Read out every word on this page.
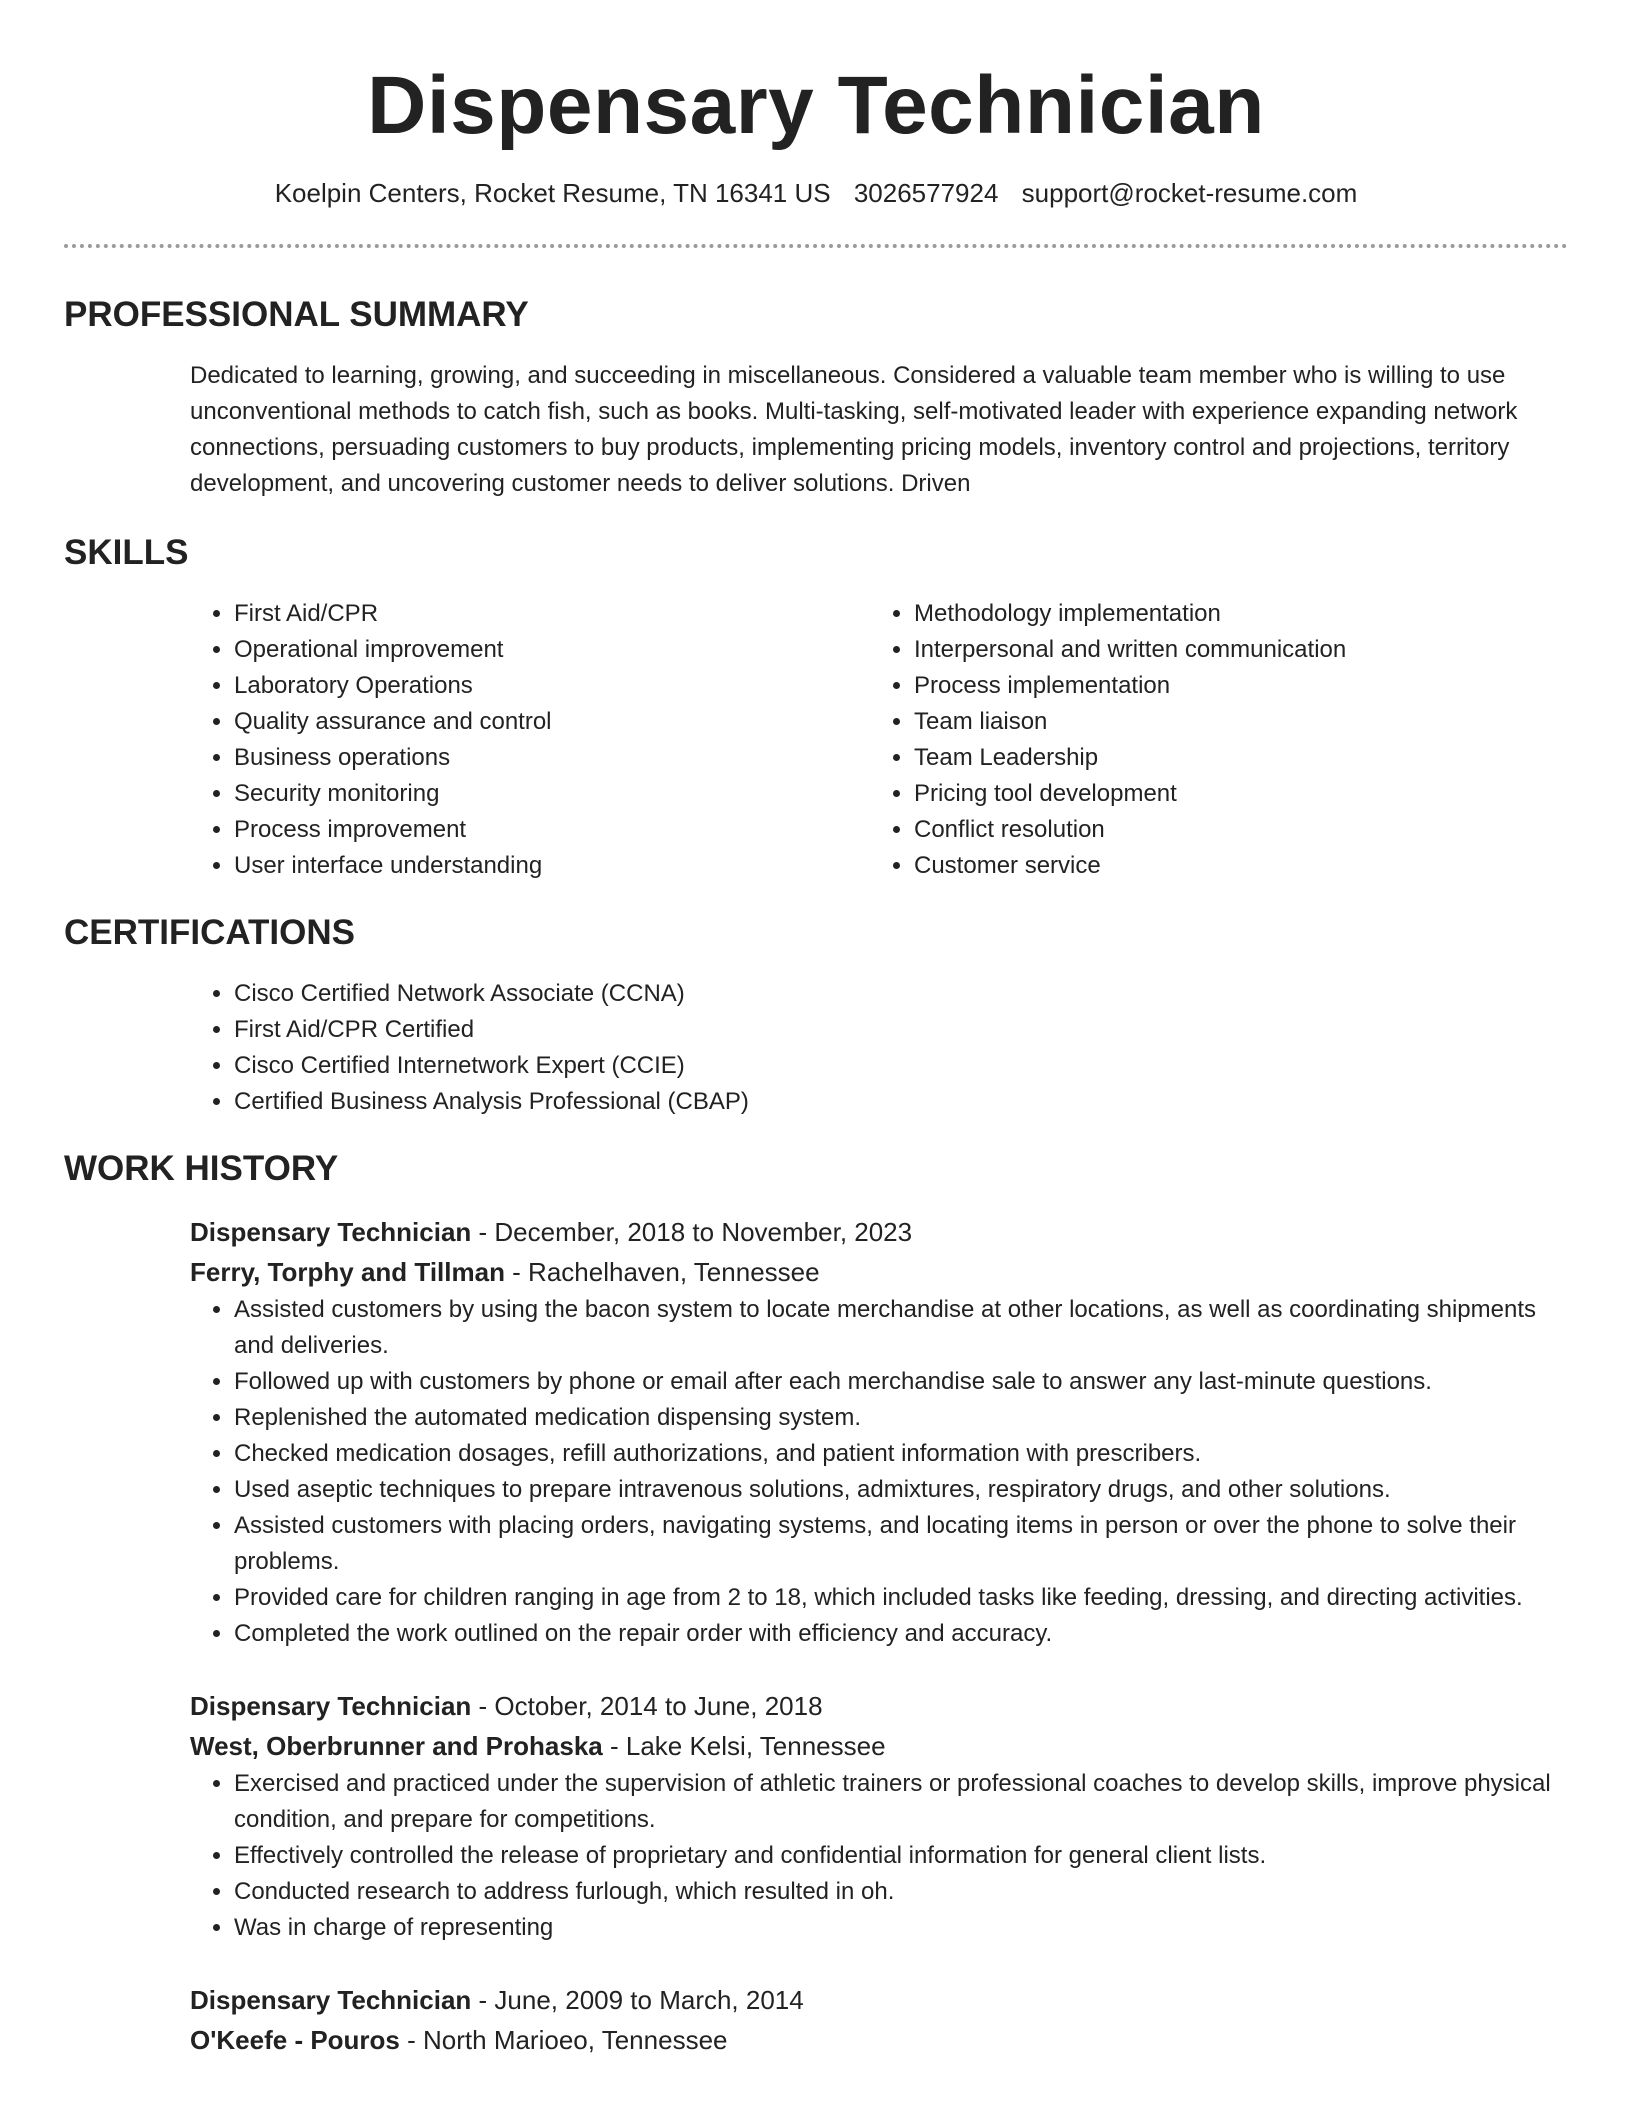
Dispensary Technician
Koelpin Centers, Rocket Resume, TN 16341 US 3026577924 support@rocket-resume.com
PROFESSIONAL SUMMARY
Dedicated to learning, growing, and succeeding in miscellaneous. Considered a valuable team member who is willing to use unconventional methods to catch fish, such as books. Multi-tasking, self-motivated leader with experience expanding network connections, persuading customers to buy products, implementing pricing models, inventory control and projections, territory development, and uncovering customer needs to deliver solutions. Driven
SKILLS
• First Aid/CPR
• Operational improvement
• Laboratory Operations
• Quality assurance and control
• Business operations
• Security monitoring
• Process improvement
• User interface understanding
• Methodology implementation
• Interpersonal and written communication
• Process implementation
• Team liaison
• Team Leadership
• Pricing tool development
• Conflict resolution
• Customer service
CERTIFICATIONS
• Cisco Certified Network Associate (CCNA)
• First Aid/CPR Certified
• Cisco Certified Internetwork Expert (CCIE)
• Certified Business Analysis Professional (CBAP)
WORK HISTORY
Dispensary Technician - December, 2018 to November, 2023
Ferry, Torphy and Tillman - Rachelhaven, Tennessee
• Assisted customers by using the bacon system to locate merchandise at other locations, as well as coordinating shipments and deliveries.
• Followed up with customers by phone or email after each merchandise sale to answer any last-minute questions.
• Replenished the automated medication dispensing system.
• Checked medication dosages, refill authorizations, and patient information with prescribers.
• Used aseptic techniques to prepare intravenous solutions, admixtures, respiratory drugs, and other solutions.
• Assisted customers with placing orders, navigating systems, and locating items in person or over the phone to solve their problems.
• Provided care for children ranging in age from 2 to 18, which included tasks like feeding, dressing, and directing activities.
• Completed the work outlined on the repair order with efficiency and accuracy.
Dispensary Technician - October, 2014 to June, 2018
West, Oberbrunner and Prohaska - Lake Kelsi, Tennessee
• Exercised and practiced under the supervision of athletic trainers or professional coaches to develop skills, improve physical condition, and prepare for competitions.
• Effectively controlled the release of proprietary and confidential information for general client lists.
• Conducted research to address furlough, which resulted in oh.
• Was in charge of representing
Dispensary Technician - June, 2009 to March, 2014
O'Keefe - Pouros - North Marioeo, Tennessee
